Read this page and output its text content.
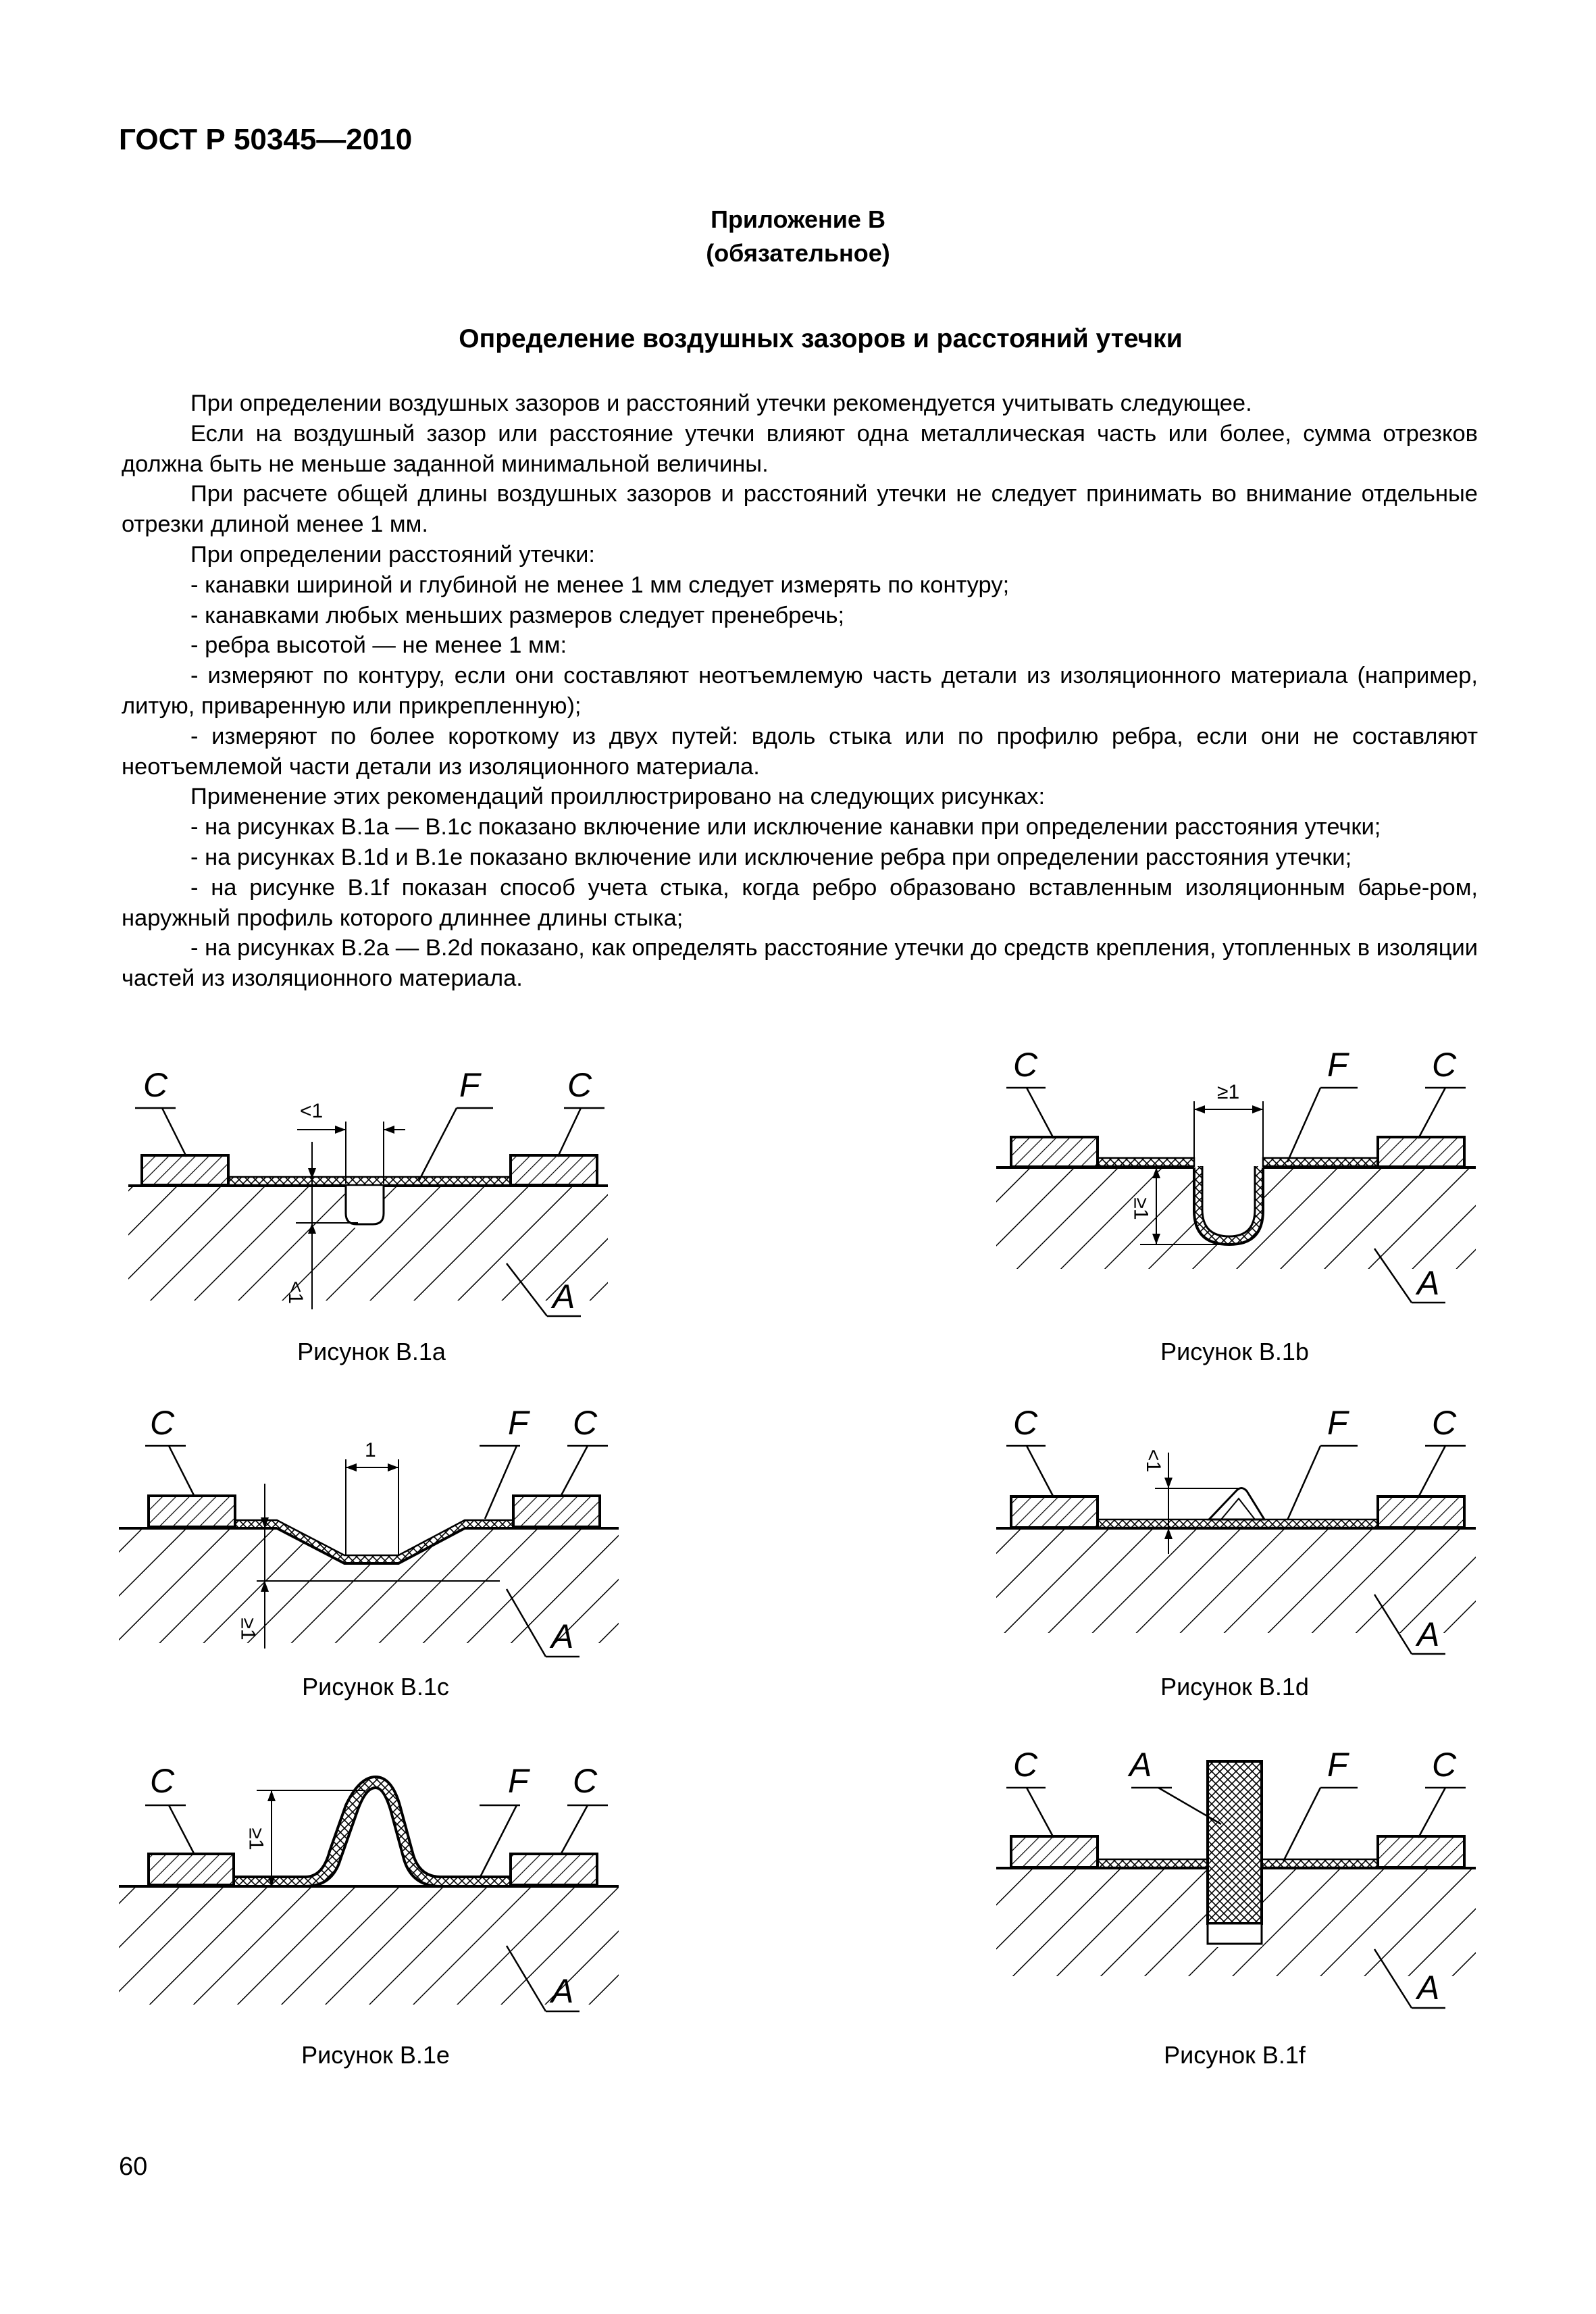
ГОСТ Р 50345—2010
Приложение В
(обязательное)
Определение воздушных зазоров и расстояний утечки

При определении воздушных зазоров и расстояний утечки рекомендуется учитывать следующее.

Если на воздушный зазор или расстояние утечки влияют одна металлическая часть или более, сумма отрезков должна быть не меньше заданной минимальной величины.

При расчете общей длины воздушных зазоров и расстояний утечки не следует принимать во внимание отдельные отрезки длиной менее 1 мм.

При определении расстояний утечки:

- канавки шириной и глубиной не менее 1 мм следует измерять по контуру;

- канавками любых меньших размеров следует пренебречь;

- ребра высотой — не менее 1 мм:

- измеряют по контуру, если они составляют неотъемлемую часть детали из изоляционного материала (например, литую, приваренную или прикрепленную);

- измеряют по более короткому из двух путей: вдоль стыка или по профилю ребра, если они не составляют неотъемлемой части детали из изоляционного материала.

Применение этих рекомендаций проиллюстрировано на следующих рисунках:

- на рисунках В.1а — В.1с показано включение или исключение канавки при определении расстояния утечки;

- на рисунках В.1d и В.1е показано включение или исключение ребра при определении расстояния утечки;

- на рисунке В.1f показан способ учета стыка, когда ребро образовано вставленным изоляционным барье-ром, наружный профиль которого длиннее длины стыка;

- на рисунках В.2а — В.2d показано, как определять расстояние утечки до средств крепления, утопленных в изоляции частей из изоляционного материала.

C	F	C
A
<1
<1
Рисунок В.1а
C	F C
A
≥1
≥1
Рисунок В.1b
C	F C
A
1
≥1
Рисунок В.1с
C	F C
A
<1
Рисунок В.1d
C	F C
A
≥1
Рисунок В.1е
C	A	F C
A
Рисунок В.1f
60
